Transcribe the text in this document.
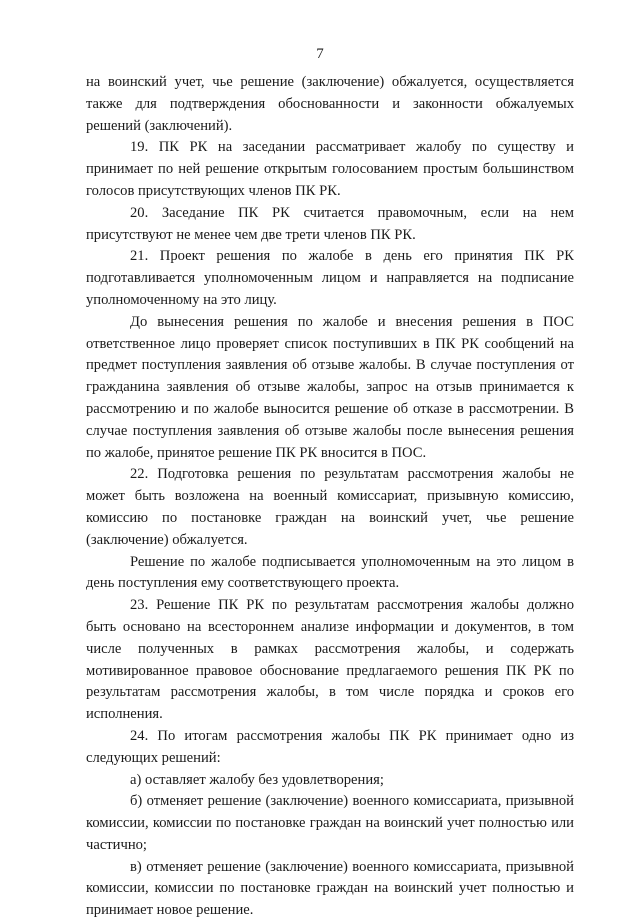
7

на воинский учет, чье решение (заключение) обжалуется, осуществляется также для подтверждения обоснованности и законности обжалуемых решений (заключений).

19. ПК РК на заседании рассматривает жалобу по существу и принимает по ней решение открытым голосованием простым большинством голосов присутствующих членов ПК РК.

20. Заседание ПК РК считается правомочным, если на нем присутствуют не менее чем две трети членов ПК РК.

21. Проект решения по жалобе в день его принятия ПК РК подготавливается уполномоченным лицом и направляется на подписание уполномоченному на это лицу.

До вынесения решения по жалобе и внесения решения в ПОС ответственное лицо проверяет список поступивших в ПК РК сообщений на предмет поступления заявления об отзыве жалобы. В случае поступления от гражданина заявления об отзыве жалобы, запрос на отзыв принимается к рассмотрению и по жалобе выносится решение об отказе в рассмотрении. В случае поступления заявления об отзыве жалобы после вынесения решения по жалобе, принятое решение ПК РК вносится в ПОС.

22. Подготовка решения по результатам рассмотрения жалобы не может быть возложена на военный комиссариат, призывную комиссию, комиссию по постановке граждан на воинский учет, чье решение (заключение) обжалуется.

Решение по жалобе подписывается уполномоченным на это лицом в день поступления ему соответствующего проекта.

23. Решение ПК РК по результатам рассмотрения жалобы должно быть основано на всестороннем анализе информации и документов, в том числе полученных в рамках рассмотрения жалобы, и содержать мотивированное правовое обоснование предлагаемого решения ПК РК по результатам рассмотрения жалобы, в том числе порядка и сроков его исполнения.

24. По итогам рассмотрения жалобы ПК РК принимает одно из следующих решений:

а) оставляет жалобу без удовлетворения;

б) отменяет решение (заключение) военного комиссариата, призывной комиссии, комиссии по постановке граждан на воинский учет полностью или частично;

в) отменяет решение (заключение) военного комиссариата, призывной комиссии, комиссии по постановке граждан на воинский учет полностью и принимает новое решение.
